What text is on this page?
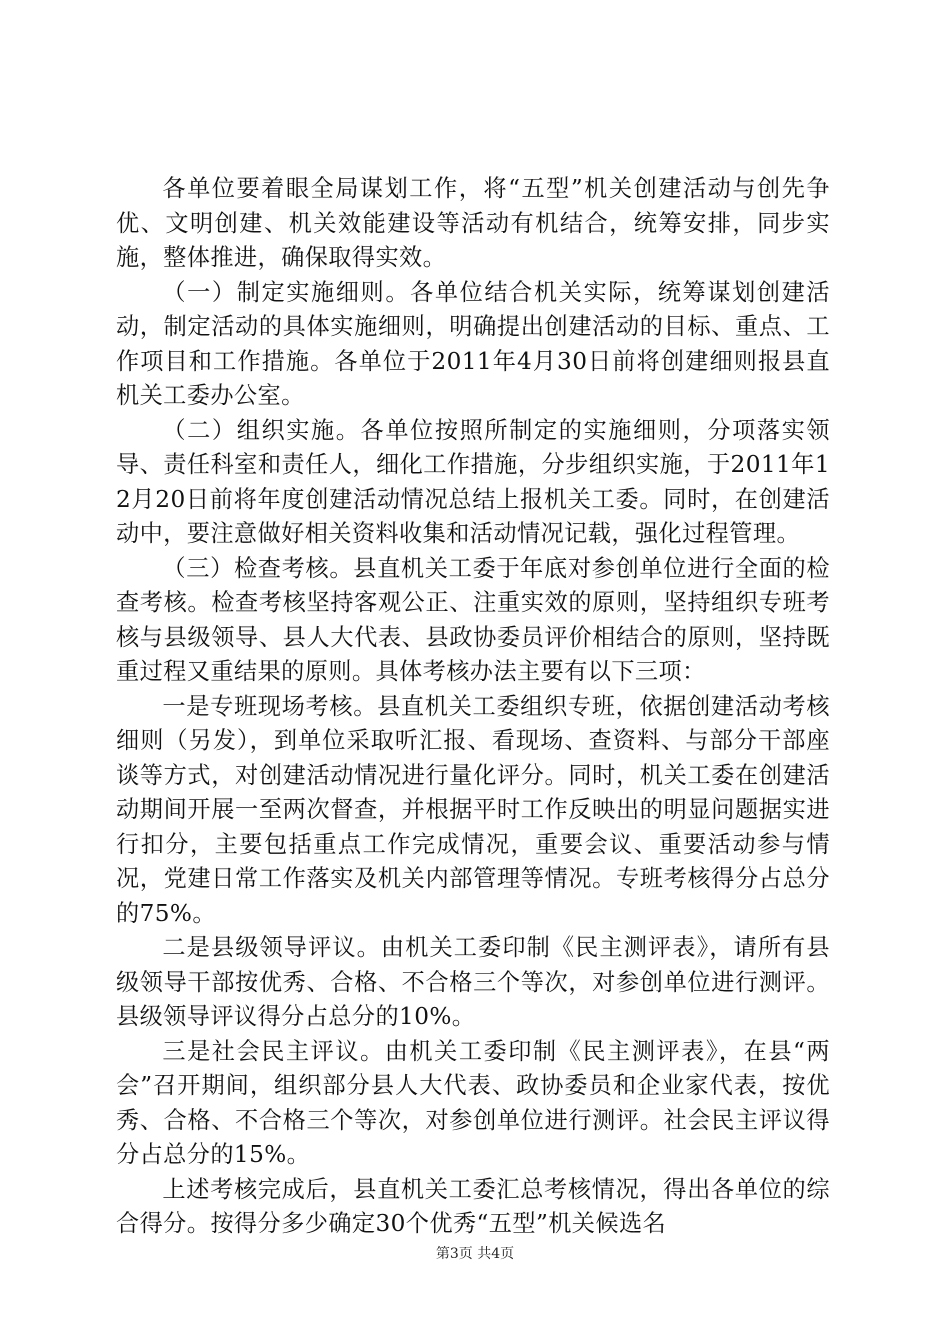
各单位要着眼全局谋划工作，将“五型”机关创建活动与创先争优、文明创建、机关效能建设等活动有机结合，统筹安排，同步实施，整体推进，确保取得实效。

（一）制定实施细则。各单位结合机关实际，统筹谋划创建活动，制定活动的具体实施细则，明确提出创建活动的目标、重点、工作项目和工作措施。各单位于2011年4月30日前将创建细则报县直机关工委办公室。

（二）组织实施。各单位按照所制定的实施细则，分项落实领导、责任科室和责任人，细化工作措施，分步组织实施，于2011年12月20日前将年度创建活动情况总结上报机关工委。同时，在创建活动中，要注意做好相关资料收集和活动情况记载，强化过程管理。

（三）检查考核。县直机关工委于年底对参创单位进行全面的检查考核。检查考核坚持客观公正、注重实效的原则，坚持组织专班考核与县级领导、县人大代表、县政协委员评价相结合的原则，坚持既重过程又重结果的原则。具体考核办法主要有以下三项：

一是专班现场考核。县直机关工委组织专班，依据创建活动考核细则（另发），到单位采取听汇报、看现场、查资料、与部分干部座谈等方式，对创建活动情况进行量化评分。同时，机关工委在创建活动期间开展一至两次督查，并根据平时工作反映出的明显问题据实进行扣分，主要包括重点工作完成情况，重要会议、重要活动参与情况，党建日常工作落实及机关内部管理等情况。专班考核得分占总分的75%。

二是县级领导评议。由机关工委印制《民主测评表》，请所有县级领导干部按优秀、合格、不合格三个等次，对参创单位进行测评。县级领导评议得分占总分的10%。

三是社会民主评议。由机关工委印制《民主测评表》，在县“两会”召开期间，组织部分县人大代表、政协委员和企业家代表，按优秀、合格、不合格三个等次，对参创单位进行测评。社会民主评议得分占总分的15%。

上述考核完成后，县直机关工委汇总考核情况，得出各单位的综合得分。按得分多少确定30个优秀“五型”机关候选名

第3页 共4页
